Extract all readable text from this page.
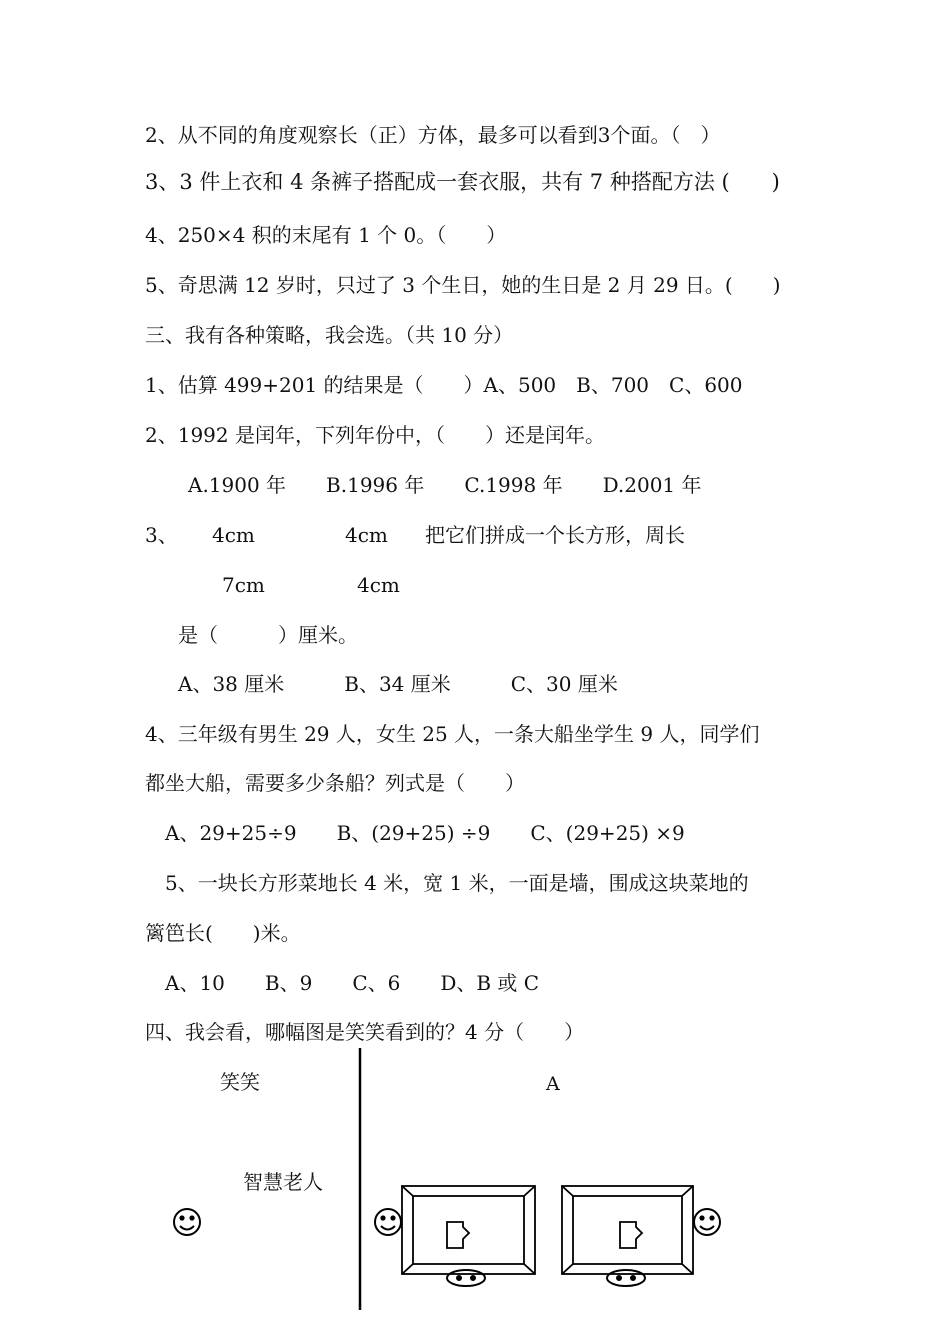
2、从不同的角度观察长（正）方体，最多可以看到3个面。（　）
3、3 件上衣和 4 条裤子搭配成一套衣服，共有 7 种搭配方法 (　　)
4、250×4 积的末尾有 1 个 0。（　　）
5、奇思满 12 岁时，只过了 3 个生日，她的生日是 2 月 29 日。(　　)
三、我有各种策略，我会选。（共 10 分）
1、估算 499+201 的结果是（　　）A、500　B、700　C、600
2、1992 是闰年，下列年份中，（　　）还是闰年。
A.1900 年　　B.1996 年　　C.1998 年　　D.2001 年
3、 4cm	4cm 把它们拼成一个长方形，周长
7cm	4cm
是（　　　）厘米。
A、38 厘米　　　B、34 厘米　　　C、30 厘米
4、三年级有男生 29 人，女生 25 人，一条大船坐学生 9 人，同学们
都坐大船，需要多少条船？列式是（　　）
A、29+25÷9　　B、(29+25) ÷9　　C、(29+25) ×9
5、一块长方形菜地长 4 米，宽 1 米，一面是墙，围成这块菜地的
篱笆长(　　)米。
A、10　　B、9　　C、6　　D、B 或 C
四、我会看，哪幅图是笑笑看到的？4 分（　　）
笑笑	A
智慧老人
